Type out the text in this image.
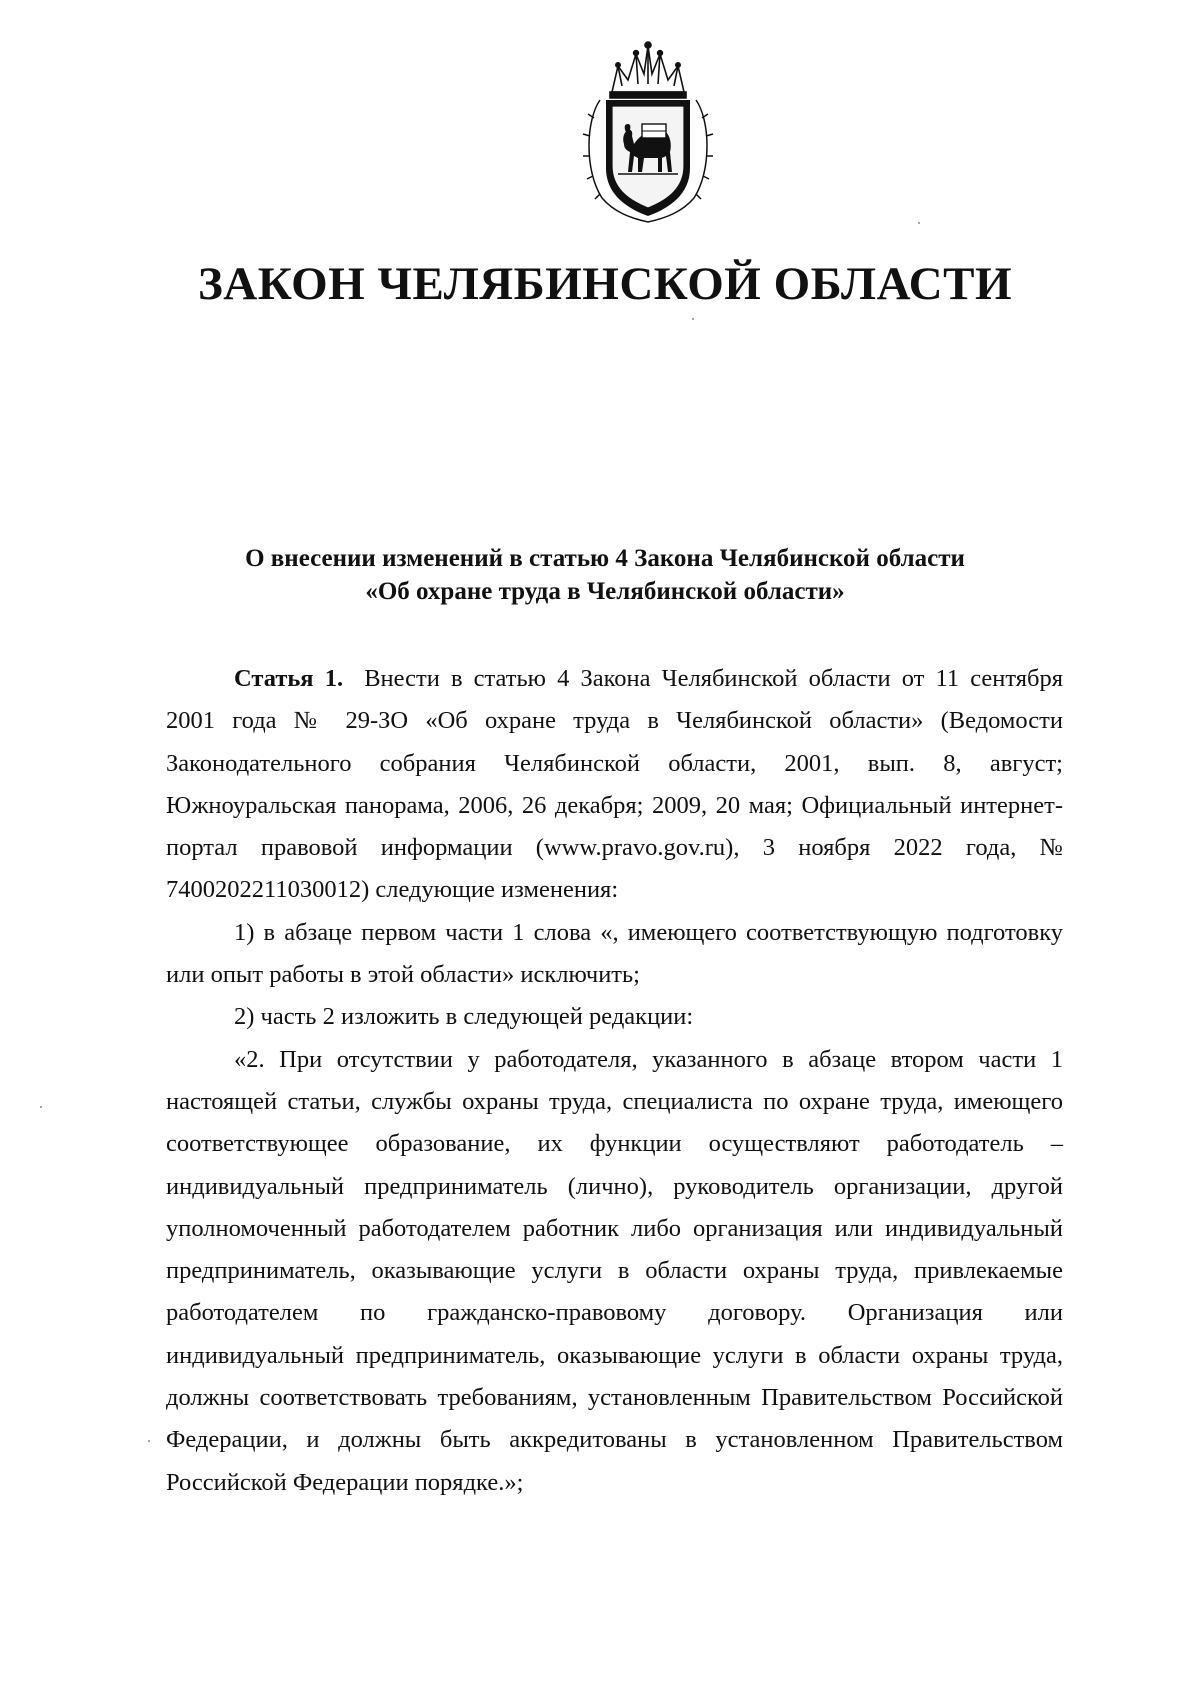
ЗАКОН ЧЕЛЯБИНСКОЙ ОБЛАСТИ
О внесении изменений в статью 4 Закона Челябинской области
«Об охране труда в Челябинской области»

Статья 1. Внести в статью 4 Закона Челябинской области от 11 сентября 2001 года № 29-ЗО «Об охране труда в Челябинской области» (Ведомости Законодательного собрания Челябинской области, 2001, вып. 8, август; Южноуральская панорама, 2006, 26 декабря; 2009, 20 мая; Официальный интернет-портал правовой информации (www.pravo.gov.ru), 3 ноября 2022 года, № 7400202211030012) следующие изменения:

1) в абзаце первом части 1 слова «, имеющего соответствующую подготовку или опыт работы в этой области» исключить;

2) часть 2 изложить в следующей редакции:

«2. При отсутствии у работодателя, указанного в абзаце втором части 1 настоящей статьи, службы охраны труда, специалиста по охране труда, имеющего соответствующее образование, их функции осуществляют работодатель – индивидуальный предприниматель (лично), руководитель организации, другой уполномоченный работодателем работник либо организация или индивидуальный предприниматель, оказывающие услуги в области охраны труда, привлекаемые работодателем по гражданско-правовому договору. Организация или индивидуальный предприниматель, оказывающие услуги в области охраны труда, должны соответствовать требованиям, установленным Правительством Российской Федерации, и должны быть аккредитованы в установленном Правительством Российской Федерации порядке.»;
